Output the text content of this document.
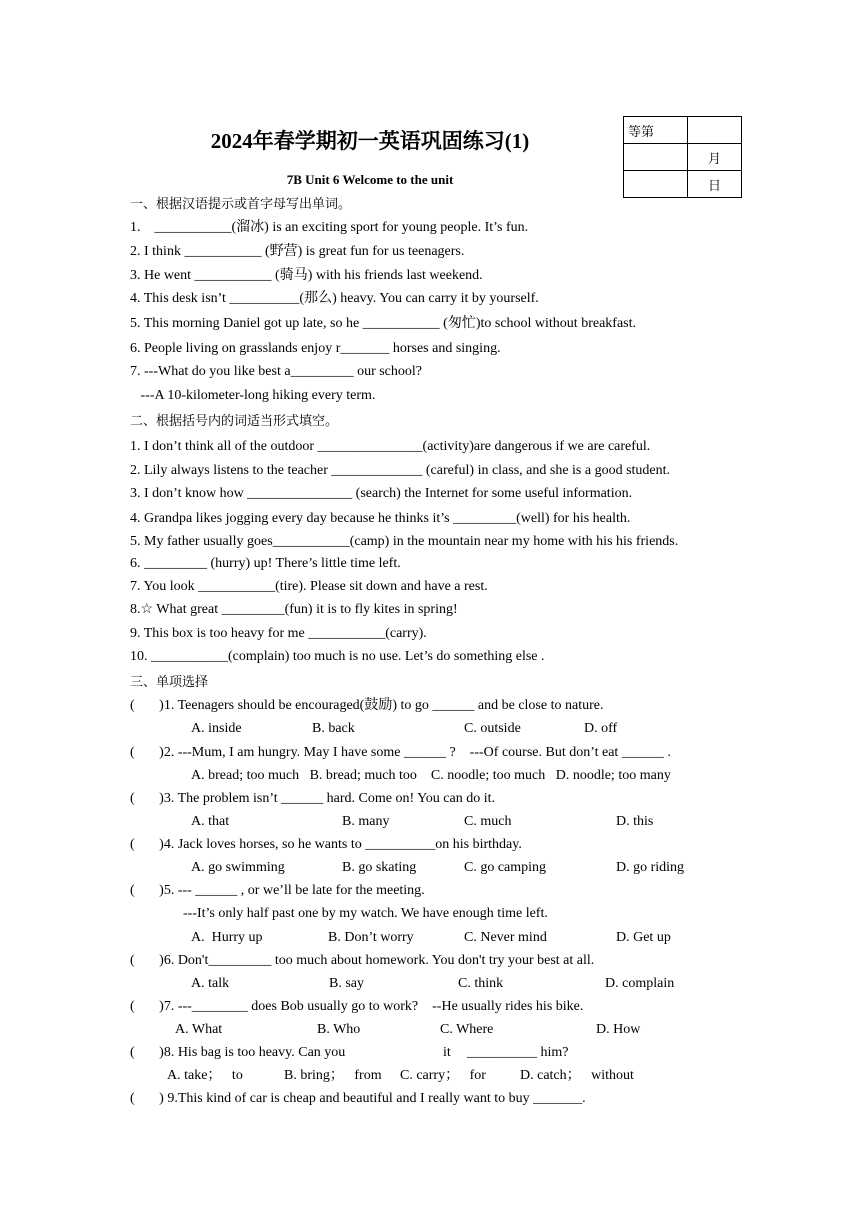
2024年春学期初一英语巩固练习(1)
7B Unit 6 Welcome to the unit
等第	
	月
	日
一、根据汉语提示或首字母写出单词。
1.    ___________(溜冰) is an exciting sport for young people. It’s fun.
2. I think ___________ (野营) is great fun for us teenagers.
3. He went ___________ (骑马) with his friends last weekend.
4. This desk isn’t __________(那么) heavy. You can carry it by yourself.
5. This morning Daniel got up late, so he ___________ (匆忙)to school without breakfast.
6. People living on grasslands enjoy r_______ horses and singing.
7. ---What do you like best a_________ our school?
---A 10-kilometer-long hiking every term.
二、根据括号内的词适当形式填空。
1. I don’t think all of the outdoor _______________(activity)are dangerous if we are careful.
2. Lily always listens to the teacher _____________ (careful) in class, and she is a good student.
3. I don’t know how _______________ (search) the Internet for some useful information.
4. Grandpa likes jogging every day because he thinks it’s _________(well) for his health.
5. My father usually goes___________(camp) in the mountain near my home with his his friends.
6. _________ (hurry) up! There’s little time left.
7. You look ___________(tire). Please sit down and have a rest.
8.☆ What great _________(fun) it is to fly kites in spring!
9. This box is too heavy for me ___________(carry).
10. ___________(complain) too much is no use. Let’s do something else .
三、单项选择
(       )1. Teenagers should be encouraged(鼓励) to go ______ and be close to nature.
A. inside	B. back	C. outside	D. off
(       )2. ---Mum, I am hungry. May I have some ______ ?    ---Of course. But don’t eat ______ .
A. bread; too much   B. bread; much too    C. noodle; too much   D. noodle; too many
(       )3. The problem isn’t ______ hard. Come on! You can do it.
A. that	B. many	C. much	D. this
(       )4. Jack loves horses, so he wants to __________on his birthday.
A. go swimming	B. go skating	C. go camping	D. go riding
(       )5. --- ______ , or we’ll be late for the meeting.
---It’s only half past one by my watch. We have enough time left.
A.  Hurry up	B. Don’t worry	C. Never mind	D. Get up
(       )6. Don't_________ too much about homework. You don't try your best at all.
A. talk	B. say	C. think	D. complain
(       )7. ---________ does Bob usually go to work?    --He usually rides his bike.
A. What	B. Who	C. Where	D. How
(       )8. His bag is too heavy. Can you	it __________ him?
A. take；   to	B. bring；   from C. carry；   for D. catch；   without
(       ) 9.This kind of car is cheap and beautiful and I really want to buy _______.
